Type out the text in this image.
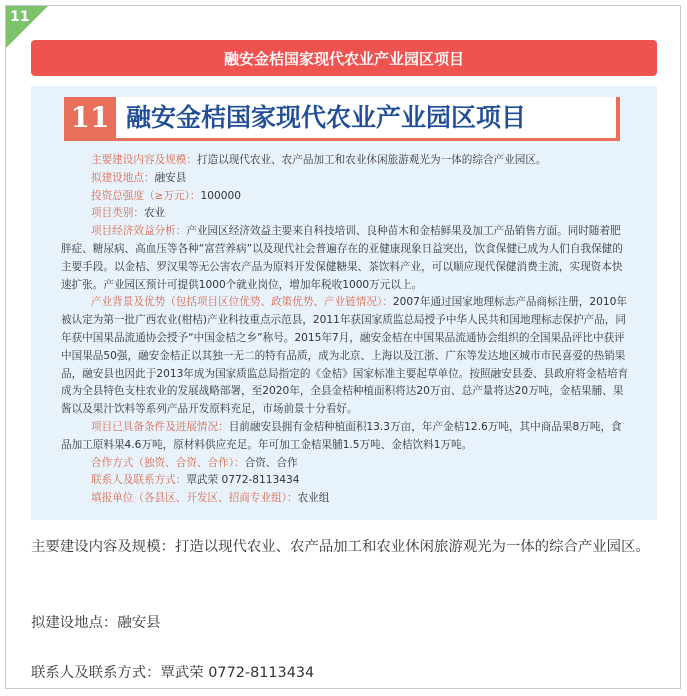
11
融安金桔国家现代农业产业园区项目
11 融安金桔国家现代农业产业园区项目

主要建设内容及规模：打造以现代农业、农产品加工和农业休闲旅游观光为一体的综合产业园区。

拟建设地点：融安县

投资总强度（≥万元）：100000

项目类别：农业

项目经济效益分析：产业园区经济效益主要来自科技培训、良种苗木和金桔鲜果及加工产品销售方面。同时随着肥胖症、糖尿病、高血压等各种“富营养病”以及现代社会普遍存在的亚健康现象日益突出，饮食保健已成为人们自我保健的主要手段。以金桔、罗汉果等无公害农产品为原料开发保健糖果、茶饮料产业，可以顺应现代保健消费主流，实现资本快速扩张。产业园区预计可提供1000个就业岗位，增加年税收1000万元以上。

产业背景及优势（包括项目区位优势、政策优势、产业链情况）：2007年通过国家地理标志产品商标注册，2010年被认定为第一批广西农业(柑桔)产业科技重点示范县，2011年获国家质监总局授予中华人民共和国地理标志保护产品，同年获中国果品流通协会授予“中国金桔之乡”称号。2015年7月，融安金桔在中国果品流通协会组织的全国果品评比中获评中国果品50强，融安金桔正以其独一无二的特有品质，成为北京、上海以及江浙、广东等发达地区城市市民喜爱的热销果品，融安县也因此于2013年成为国家质监总局指定的《金桔》国家标准主要起草单位。按照融安县委、县政府将金桔培育成为全县特色支柱农业的发展战略部署，至2020年，全县金桔种植面积将达20万亩、总产量将达20万吨，金桔果脯、果酱以及果汁饮料等系列产品开发原料充足，市场前景十分看好。

项目已具备条件及进展情况：目前融安县拥有金桔种植面积13.3万亩，年产金桔12.6万吨，其中商品果8万吨，食品加工原料果4.6万吨，原材料供应充足。年可加工金桔果脯1.5万吨、金桔饮料1万吨。

合作方式（独资、合资、合作）：合资、合作

联系人及联系方式：覃武荣 0772-8113434

填报单位（各县区、开发区、招商专业组）：农业组

主要建设内容及规模：打造以现代农业、农产品加工和农业休闲旅游观光为一体的综合产业园区。

拟建设地点：融安县

联系人及联系方式：覃武荣 0772-8113434
